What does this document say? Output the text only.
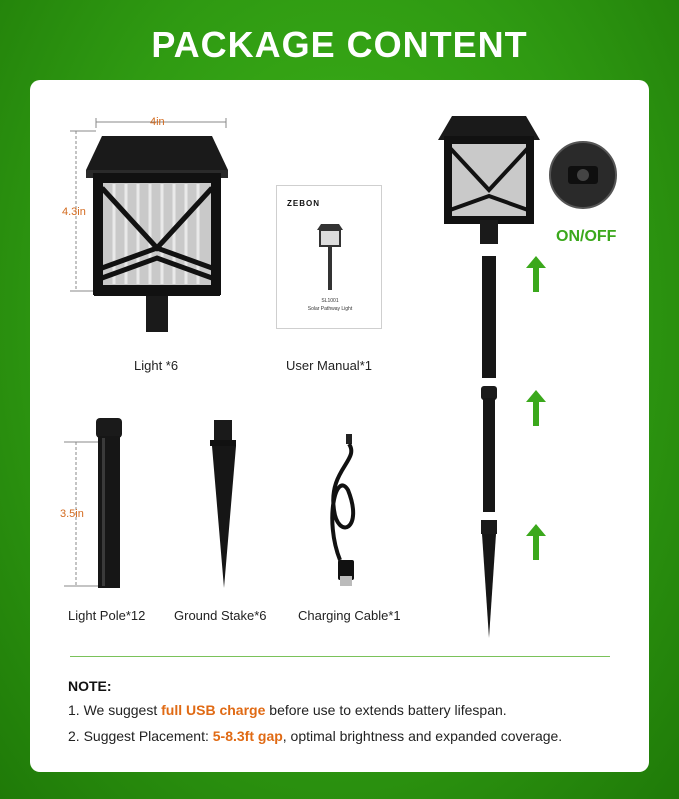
PACKAGE CONTENT
4in
4.3in
Light *6
ZEBON
SL1001
Solar Pathway Light
User Manual*1
3.5in
Light Pole*12 Ground Stake*6 Charging Cable*1
ON/OFF
NOTE:
1. We suggest full USB charge before use to extends battery lifespan.
2. Suggest Placement: 5-8.3ft gap, optimal brightness and expanded coverage.
